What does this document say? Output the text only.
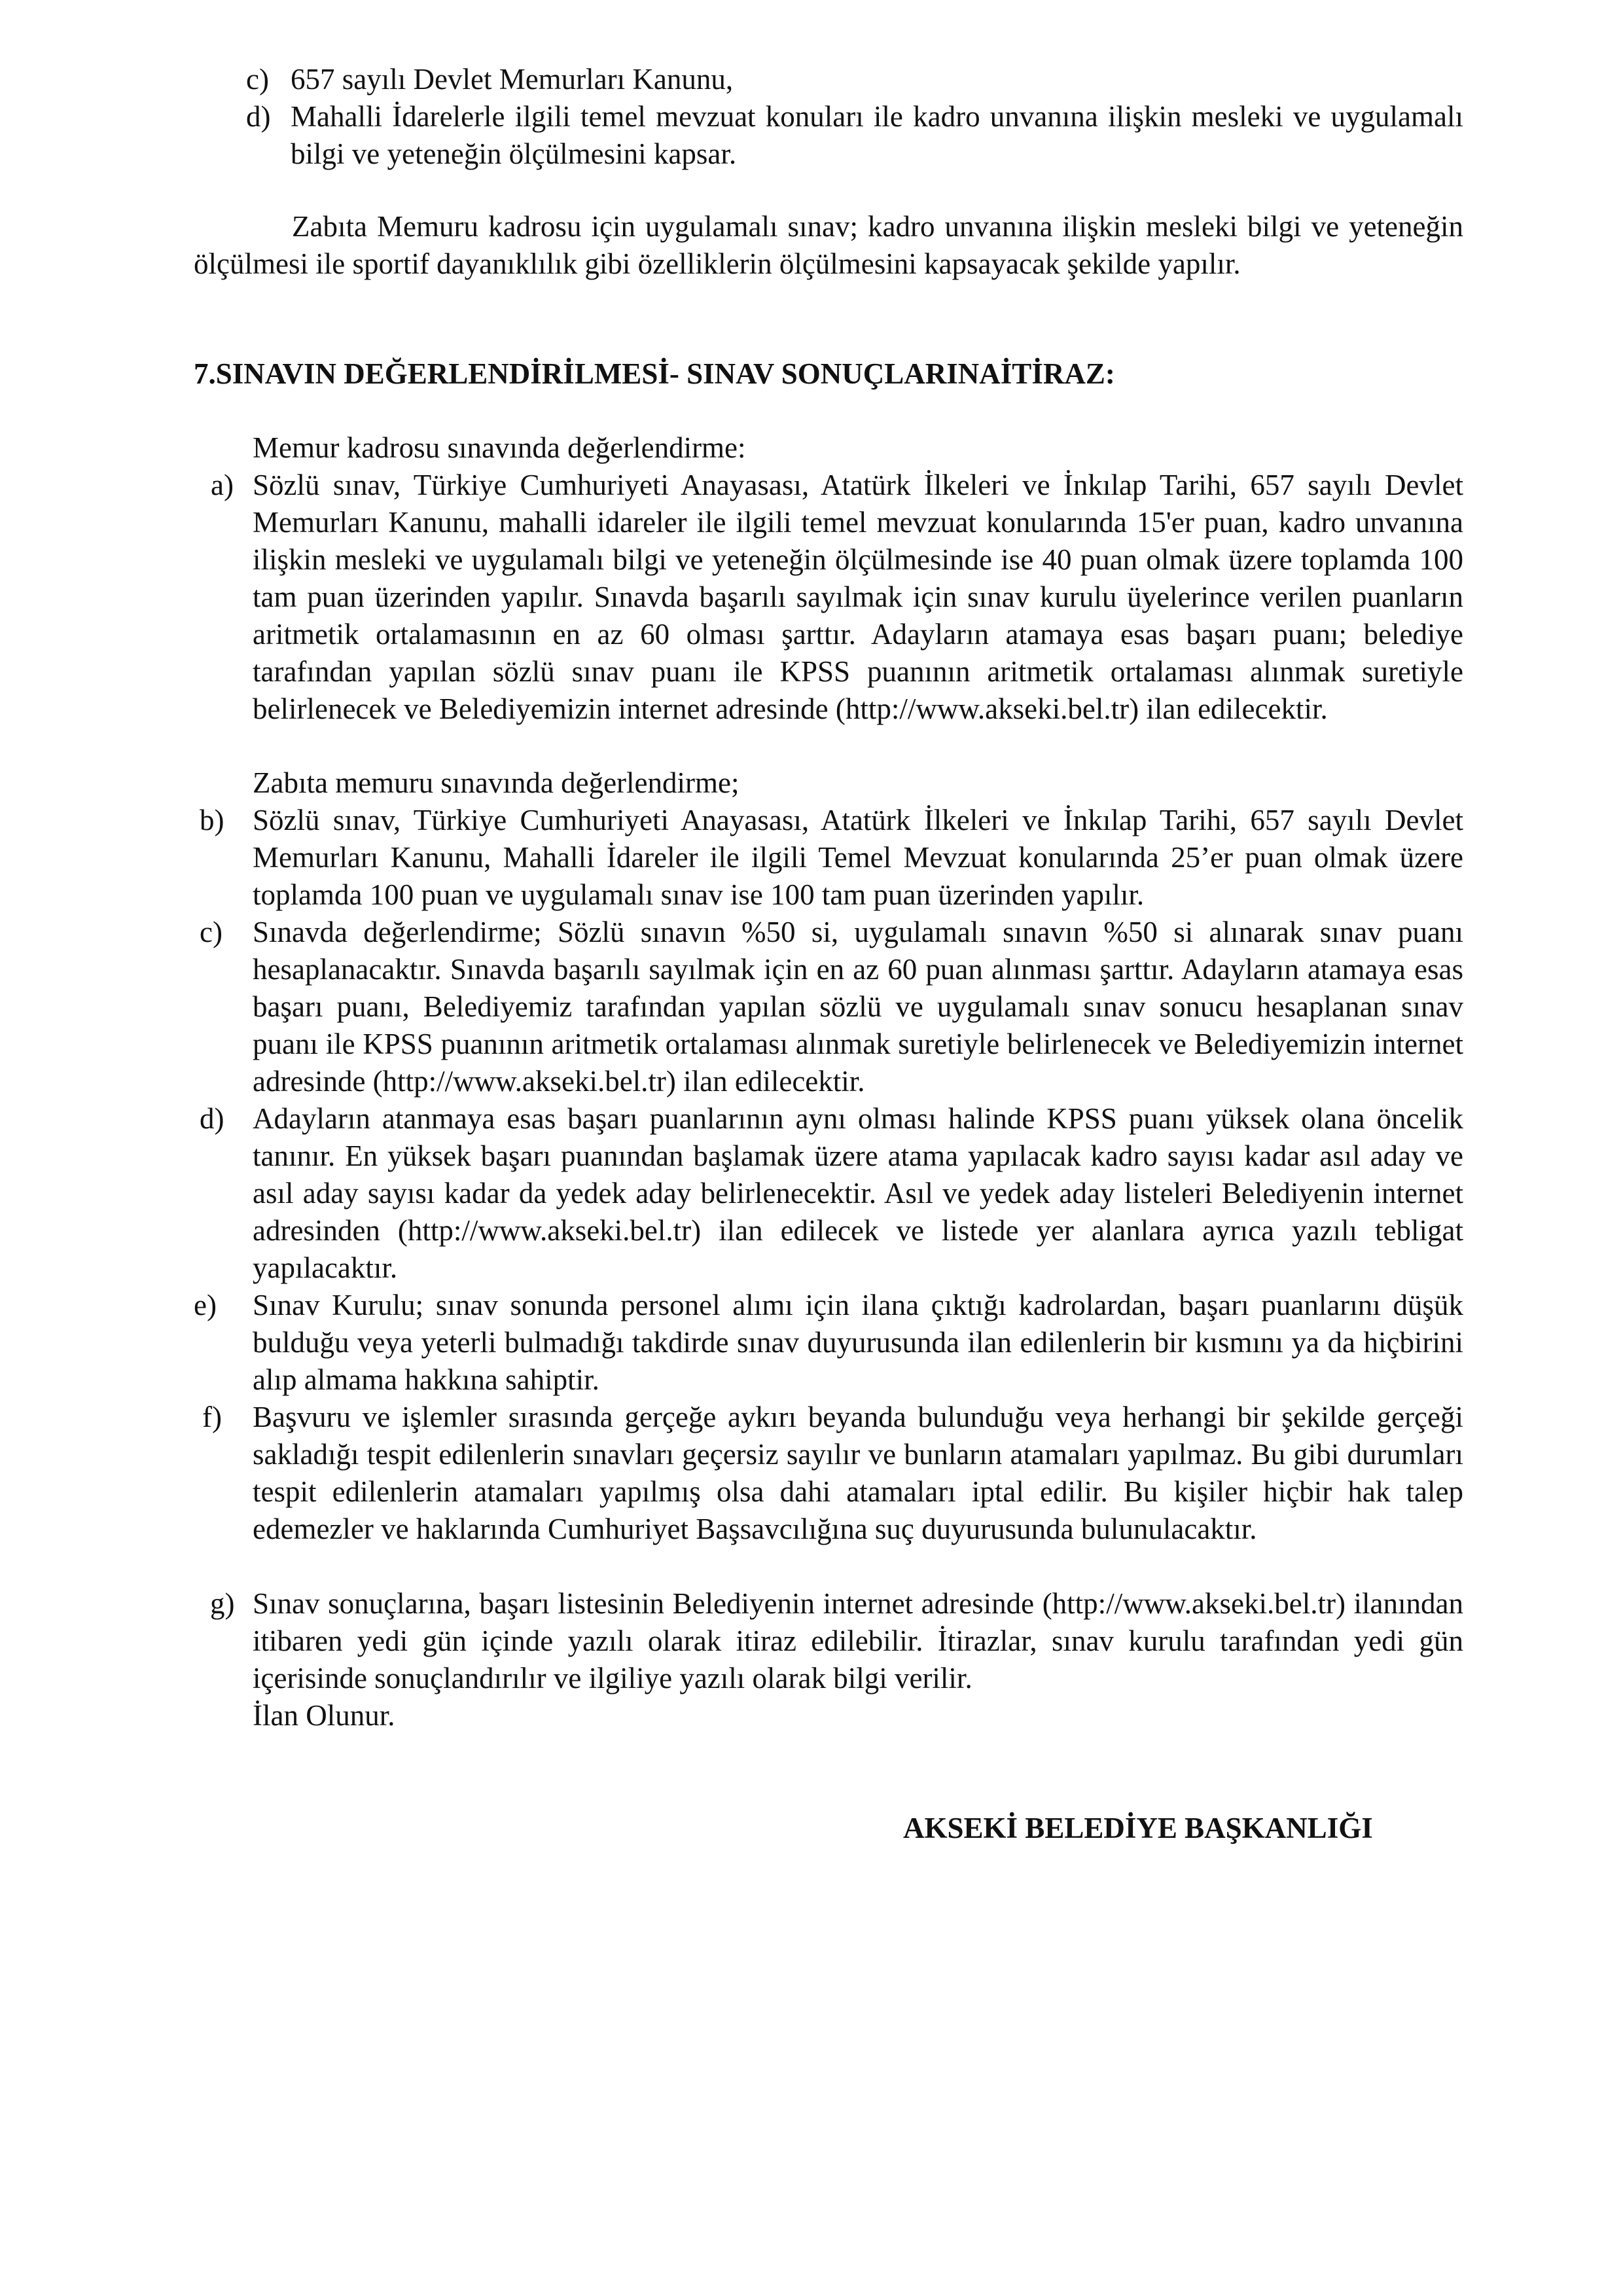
c) 657 sayılı Devlet Memurları Kanunu,
d) Mahalli İdarelerle ilgili temel mevzuat konuları ile kadro unvanına ilişkin mesleki ve uygulamalı bilgi ve yeteneğin ölçülmesini kapsar.

Zabıta Memuru kadrosu için uygulamalı sınav; kadro unvanına ilişkin mesleki bilgi ve yeteneğin ölçülmesi ile sportif dayanıklılık gibi özelliklerin ölçülmesini kapsayacak şekilde yapılır.

7.SINAVIN DEĞERLENDİRİLMESİ- SINAV SONUÇLARINAİTİRAZ:

Memur kadrosu sınavında değerlendirme:

a) Sözlü sınav, Türkiye Cumhuriyeti Anayasası, Atatürk İlkeleri ve İnkılap Tarihi, 657 sayılı Devlet Memurları Kanunu, mahalli idareler ile ilgili temel mevzuat konularında 15'er puan, kadro unvanına ilişkin mesleki ve uygulamalı bilgi ve yeteneğin ölçülmesinde ise 40 puan olmak üzere toplamda 100 tam puan üzerinden yapılır. Sınavda başarılı sayılmak için sınav kurulu üyelerince verilen puanların aritmetik ortalamasının en az 60 olması şarttır. Adayların atamaya esas başarı puanı; belediye tarafından yapılan sözlü sınav puanı ile KPSS puanının aritmetik ortalaması alınmak suretiyle belirlenecek ve Belediyemizin internet adresinde (http://www.akseki.bel.tr) ilan edilecektir.

Zabıta memuru sınavında değerlendirme;

b) Sözlü sınav, Türkiye Cumhuriyeti Anayasası, Atatürk İlkeleri ve İnkılap Tarihi, 657 sayılı Devlet Memurları Kanunu, Mahalli İdareler ile ilgili Temel Mevzuat konularında 25’er puan olmak üzere toplamda 100 puan ve uygulamalı sınav ise 100 tam puan üzerinden yapılır.
c) Sınavda değerlendirme; Sözlü sınavın %50 si, uygulamalı sınavın %50 si alınarak sınav puanı hesaplanacaktır. Sınavda başarılı sayılmak için en az 60 puan alınması şarttır. Adayların atamaya esas başarı puanı, Belediyemiz tarafından yapılan sözlü ve uygulamalı sınav sonucu hesaplanan sınav puanı ile KPSS puanının aritmetik ortalaması alınmak suretiyle belirlenecek ve Belediyemizin internet adresinde (http://www.akseki.bel.tr) ilan edilecektir.
d) Adayların atanmaya esas başarı puanlarının aynı olması halinde KPSS puanı yüksek olana öncelik tanınır. En yüksek başarı puanından başlamak üzere atama yapılacak kadro sayısı kadar asıl aday ve asıl aday sayısı kadar da yedek aday belirlenecektir. Asıl ve yedek aday listeleri Belediyenin internet adresinden (http://www.akseki.bel.tr) ilan edilecek ve listede yer alanlara ayrıca yazılı tebligat yapılacaktır.
e) Sınav Kurulu; sınav sonunda personel alımı için ilana çıktığı kadrolardan, başarı puanlarını düşük bulduğu veya yeterli bulmadığı takdirde sınav duyurusunda ilan edilenlerin bir kısmını ya da hiçbirini alıp almama hakkına sahiptir.
f) Başvuru ve işlemler sırasında gerçeğe aykırı beyanda bulunduğu veya herhangi bir şekilde gerçeği sakladığı tespit edilenlerin sınavları geçersiz sayılır ve bunların atamaları yapılmaz. Bu gibi durumları tespit edilenlerin atamaları yapılmış olsa dahi atamaları iptal edilir. Bu kişiler hiçbir hak talep edemezler ve haklarında Cumhuriyet Başsavcılığına suç duyurusunda bulunulacaktır.
g) Sınav sonuçlarına, başarı listesinin Belediyenin internet adresinde (http://www.akseki.bel.tr) ilanından itibaren yedi gün içinde yazılı olarak itiraz edilebilir. İtirazlar, sınav kurulu tarafından yedi gün içerisinde sonuçlandırılır ve ilgiliye yazılı olarak bilgi verilir.

İlan Olunur.

AKSEKİ BELEDİYE BAŞKANLIĞI
